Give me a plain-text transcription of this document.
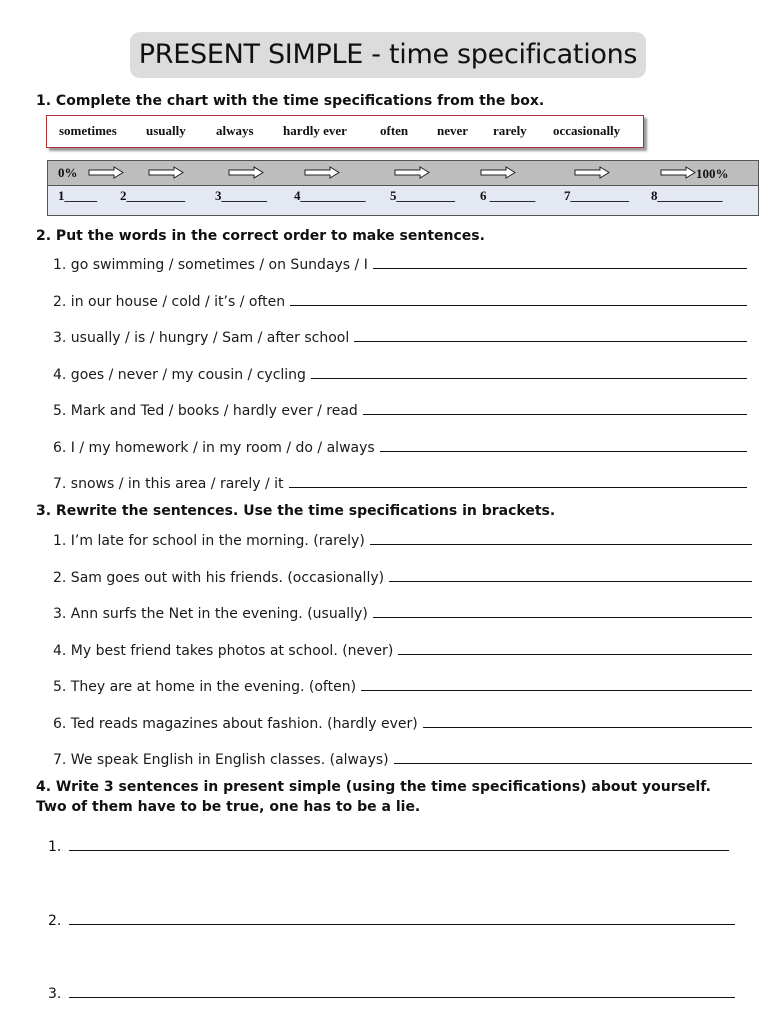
PRESENT SIMPLE - time specifications
1. Complete the chart with the time specifications from the box.
sometimes usually always hardly ever	often never rarely occasionally
0%	100%
1_____ 2_________ 3_______ 4__________ 5_________ 6 _______ 7_________ 8__________
2. Put the words in the correct order to make sentences.
1. go swimming / sometimes / on Sundays / I
2. in our house / cold / it’s / often
3. usually / is / hungry / Sam / after school
4. goes / never / my cousin / cycling
5. Mark and Ted / books / hardly ever / read
6. I / my homework / in my room / do / always
7. snows / in this area / rarely / it
3. Rewrite the sentences. Use the time specifications in brackets.
1. I’m late for school in the morning. (rarely)
2. Sam goes out with his friends. (occasionally)
3. Ann surfs the Net in the evening. (usually)
4. My best friend takes photos at school. (never)
5. They are at home in the evening. (often)
6. Ted reads magazines about fashion. (hardly ever)
7. We speak English in English classes. (always)
4. Write 3 sentences in present simple (using the time specifications) about yourself.
Two of them have to be true, one has to be a lie.
1.
2.
3.
